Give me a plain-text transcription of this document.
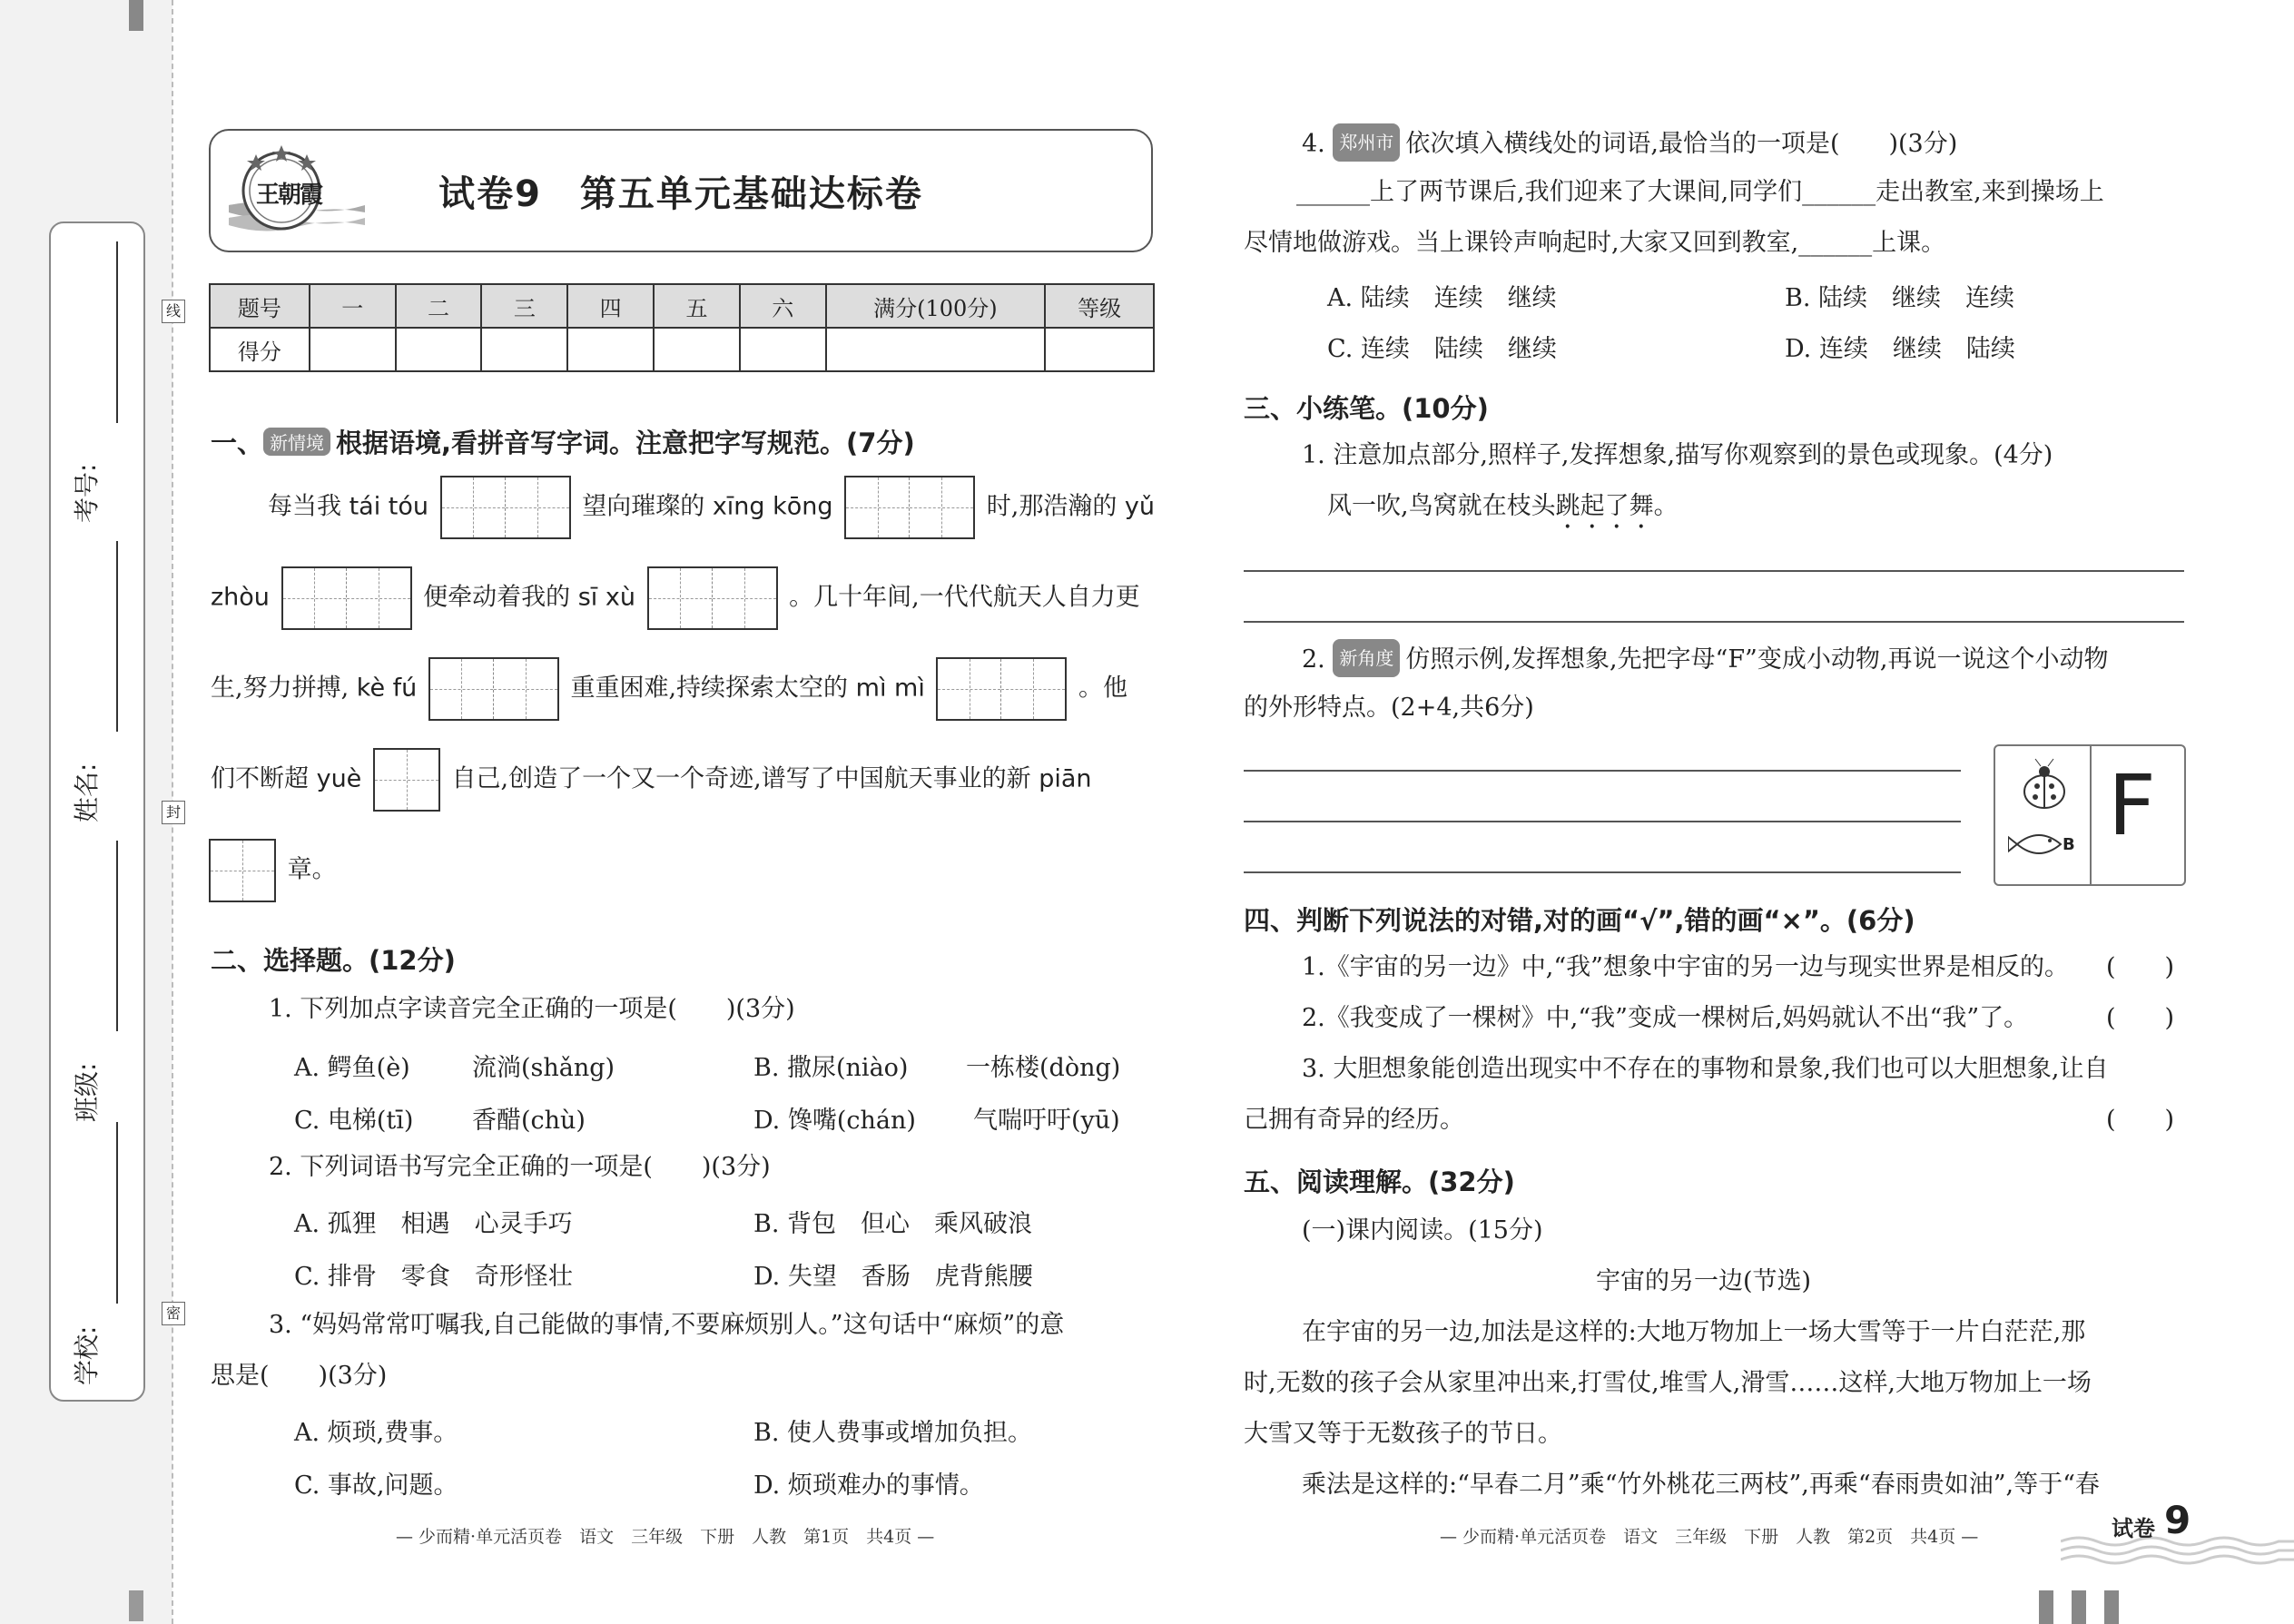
考号:
姓名:
班级:
学校:
线
封
密
王朝霞	试卷9　第五单元基础达标卷
题号	一	二	三	四	五	六	满分(100分)	等级
得分								
一、 新情境 根据语境,看拼音写字词。注意把字写规范。(7分)
每当我 tái tóu	望向璀璨的 xīng kōng	时,那浩瀚的 yǔ
zhòu	便牵动着我的 sī xù	。几十年间,一代代航天人自力更
生,努力拼搏, kè fú	重重困难,持续探索太空的 mì mì	。他
们不断超 yuè	自己,创造了一个又一个奇迹,谱写了中国航天事业的新 piān
章。
二、选择题。(12分)
1. 下列加点字读音完全正确的一项是(　　)(3分)
A. 鳄鱼(è)	流淌(shǎng)	B. 撒尿(niào) 一栋楼(dòng)
C. 电梯(tī) 香醋(chù)	D. 馋嘴(chán) 气喘吁吁(yū)
2. 下列词语书写完全正确的一项是(　　)(3分)
A. 孤狸　相遇　心灵手巧	B. 背包　但心　乘风破浪
C. 排骨　零食　奇形怪壮	D. 失望　香肠　虎背熊腰
3. “妈妈常常叮嘱我,自己能做的事情,不要麻烦别人。”这句话中“麻烦”的意
思是(　　)(3分)
A. 烦琐,费事。	B. 使人费事或增加负担。
C. 事故,问题。	D. 烦琐难办的事情。
— 少而精·单元活页卷　语文　三年级　下册　人教　第1页　共4页 —
4. 郑州市 依次填入横线处的词语,最恰当的一项是(　　)(3分)
______上了两节课后,我们迎来了大课间,同学们______走出教室,来到操场上
尽情地做游戏。当上课铃声响起时,大家又回到教室,______上课。
A. 陆续　连续　继续	B. 陆续　继续　连续
C. 连续　陆续　继续	D. 连续　继续　陆续
三、小练笔。(10分)
1. 注意加点部分,照样子,发挥想象,描写你观察到的景色或现象。(4分)
风一吹,鸟窝就在枝头跳起了舞。
2. 新角度 仿照示例,发挥想象,先把字母“F”变成小动物,再说一说这个小动物
的外形特点。(2+4,共6分)
B F
四、判断下列说法的对错,对的画“√”,错的画“×”。(6分)
1.《宇宙的另一边》中,“我”想象中宇宙的另一边与现实世界是相反的。 (　　)
2.《我变成了一棵树》中,“我”变成一棵树后,妈妈就认不出“我”了。	(　　)
3. 大胆想象能创造出现实中不存在的事物和景象,我们也可以大胆想象,让自
己拥有奇异的经历。	(　　)
五、阅读理解。(32分)
(一)课内阅读。(15分)
宇宙的另一边(节选)
在宇宙的另一边,加法是这样的:大地万物加上一场大雪等于一片白茫茫,那
时,无数的孩子会从家里冲出来,打雪仗,堆雪人,滑雪……这样,大地万物加上一场
大雪又等于无数孩子的节日。
乘法是这样的:“早春二月”乘“竹外桃花三两枝”,再乘“春雨贵如油”,等于“春
— 少而精·单元活页卷　语文　三年级　下册　人教　第2页　共4页 —	试卷 9
